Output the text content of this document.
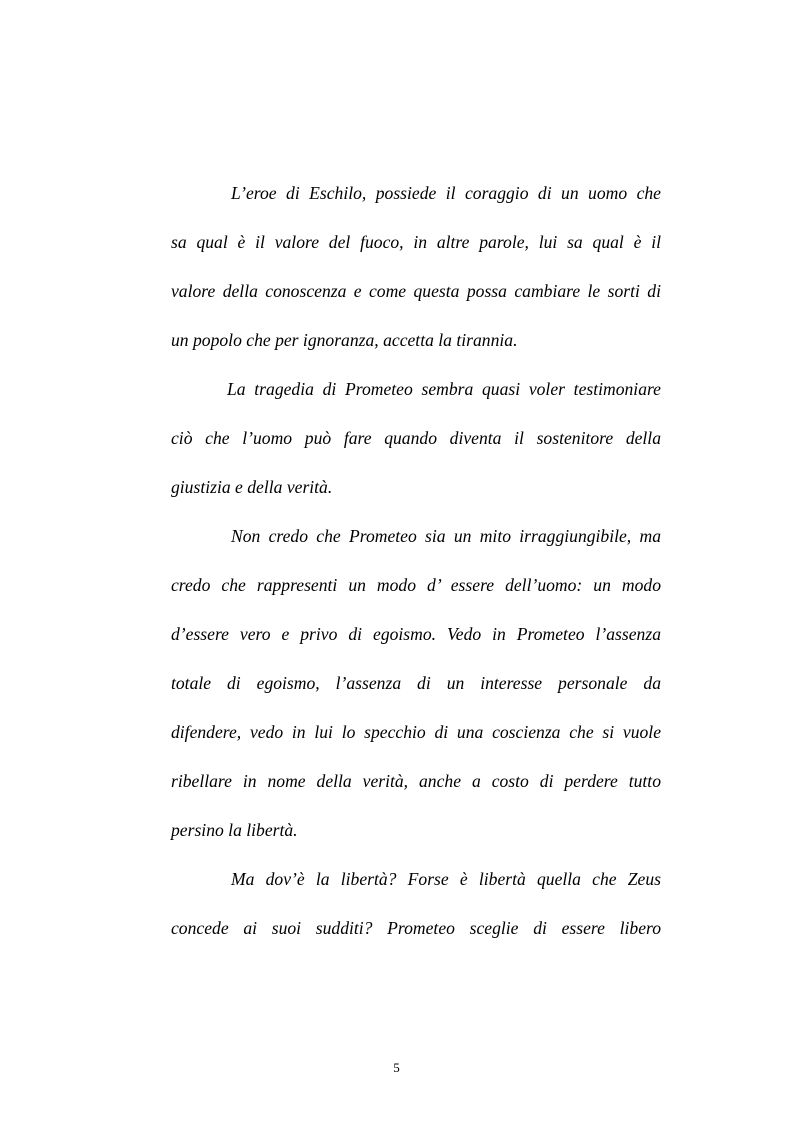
L’eroe di Eschilo, possiede il coraggio di un uomo che

sa qual è il valore del fuoco, in altre parole, lui sa qual è il

valore della conoscenza e come questa possa cambiare le sorti di

un popolo che per ignoranza, accetta la tirannia.

La tragedia di Prometeo sembra quasi voler testimoniare

ciò che l’uomo può fare quando diventa il sostenitore della

giustizia e della verità.

Non credo che Prometeo sia un mito irraggiungibile, ma

credo che rappresenti un modo d’ essere dell’uomo: un modo

d’essere vero e privo di egoismo. Vedo in Prometeo l’assenza

totale di egoismo, l’assenza di un interesse personale da

difendere, vedo in lui lo specchio di una coscienza che si vuole

ribellare in nome della verità, anche a costo di perdere tutto

persino la libertà.

Ma dov’è la libertà? Forse è libertà quella che Zeus

concede ai suoi sudditi? Prometeo sceglie di essere libero

5
